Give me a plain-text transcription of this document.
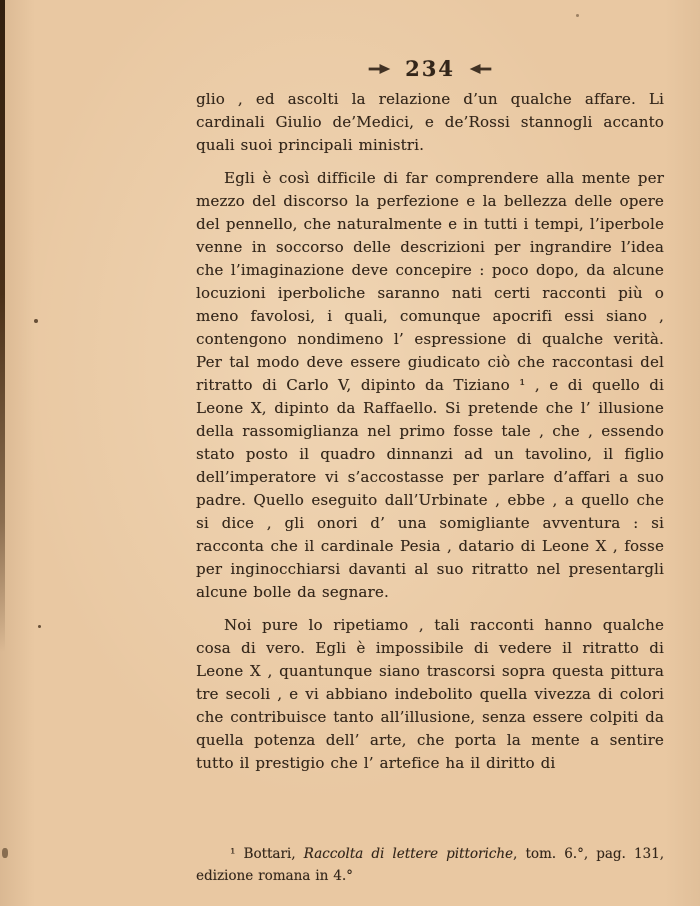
234

glio , ed ascolti la relazione d’un qualche affare. Li cardinali Giulio de’Medici, e de’Rossi stannogli accanto quali suoi principali ministri.

Egli è così difficile di far comprendere alla mente per mezzo del discorso la perfezione e la bellezza delle opere del pennello, che naturalmente e in tutti i tempi, l’iperbole venne in soccorso delle descrizioni per ingrandire l’idea che l’imaginazione deve concepire : poco dopo, da alcune locuzioni iperboliche saranno nati certi racconti più o meno favolosi, i quali, comunque apocrifi essi siano , contengono nondimeno l’ espressione di qualche verità. Per tal modo deve essere giudicato ciò che raccontasi del ritratto di Carlo V, dipinto da Tiziano ¹ , e di quello di Leone X, dipinto da Raffaello. Si pretende che l’ illusione della rassomiglianza nel primo fosse tale , che , essendo stato posto il quadro dinnanzi ad un tavolino, il figlio dell’imperatore vi s’accostasse per parlare d’affari a suo padre. Quello eseguito dall’Urbinate , ebbe , a quello che si dice , gli onori d’ una somigliante avventura : si racconta che il cardinale Pesia , datario di Leone X , fosse per inginocchiarsi davanti al suo ritratto nel presentargli alcune bolle da segnare.

Noi pure lo ripetiamo , tali racconti hanno qualche cosa di vero. Egli è impossibile di vedere il ritratto di Leone X , quantunque siano trascorsi sopra questa pittura tre secoli , e vi abbiano indebolito quella vivezza di colori che contribuisce tanto all’illusione, senza essere colpiti da quella potenza dell’ arte, che porta la mente a sentire tutto il prestigio che l’ artefice ha il diritto di

¹ Bottari, Raccolta di lettere pittoriche, tom. 6.°, pag. 131, edizione romana in 4.°
